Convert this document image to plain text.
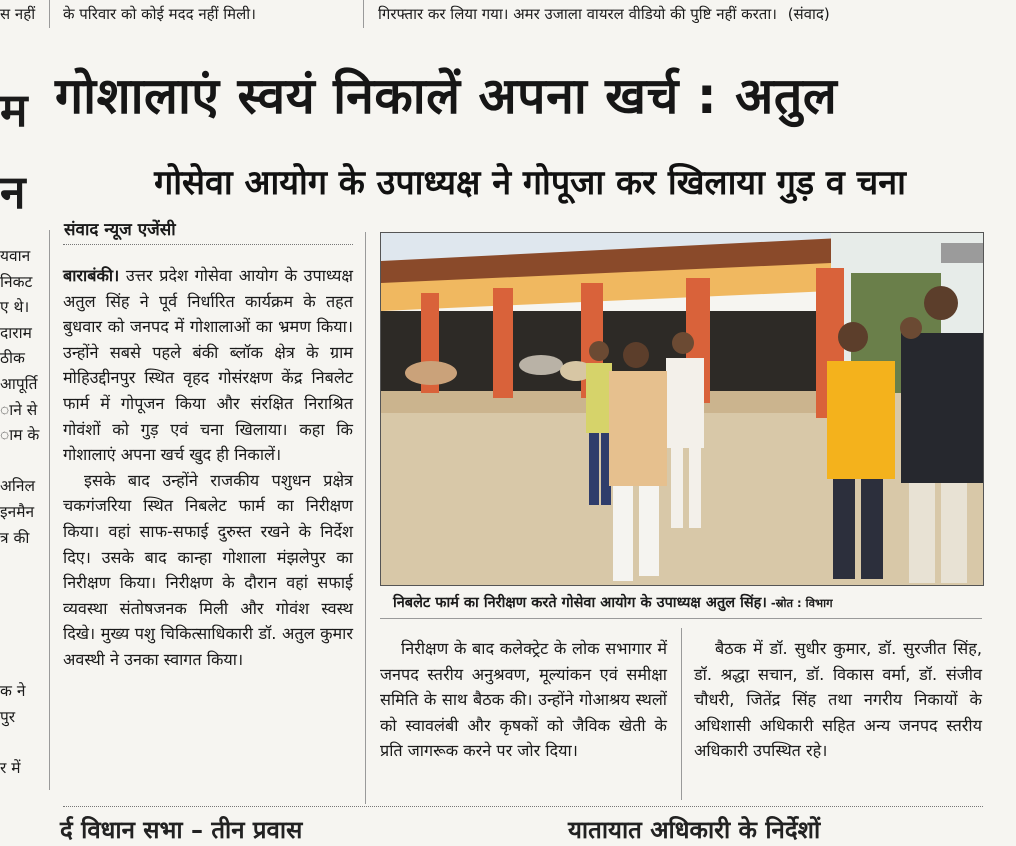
स नहीं	के परिवार को कोई मदद नहीं मिली।	गिरफ्तार कर लिया गया। अमर उजाला वायरल वीडियो की पुष्टि नहीं करता। (संवाद)
म
न
यवान
निकट
ए थे।
दाराम
ठीक
आपूर्ति
ाने से
ाम के
अनिल
इनमैन
त्र की
क ने
पुर
र में
गोशालाएं स्वयं निकालें अपना खर्च : अतुल
गोसेवा आयोग के उपाध्यक्ष ने गोपूजा कर खिलाया गुड़ व चना
संवाद न्यूज एजेंसी

बाराबंकी। उत्तर प्रदेश गोसेवा आयोग के उपाध्यक्ष अतुल सिंह ने पूर्व निर्धारित कार्यक्रम के तहत बुधवार को जनपद में गोशालाओं का भ्रमण किया। उन्होंने सबसे पहले बंकी ब्लॉक क्षेत्र के ग्राम मोहिउद्दीनपुर स्थित वृहद गोसंरक्षण केंद्र निबलेट फार्म में गोपूजन किया और संरक्षित निराश्रित गोवंशों को गुड़ एवं चना खिलाया। कहा कि गोशालाएं अपना खर्च खुद ही निकालें।

इसके बाद उन्होंने राजकीय पशुधन प्रक्षेत्र चकगंजरिया स्थित निबलेट फार्म का निरीक्षण किया। वहां साफ-सफाई दुरुस्त रखने के निर्देश दिए। उसके बाद कान्हा गोशाला मंझलेपुर का निरीक्षण किया। निरीक्षण के दौरान वहां सफाई व्यवस्था संतोषजनक मिली और गोवंश स्वस्थ दिखे। मुख्य पशु चिकित्साधिकारी डॉ. अतुल कुमार अवस्थी ने उनका स्वागत किया।

निबलेट फार्म का निरीक्षण करते गोसेवा आयोग के उपाध्यक्ष अतुल सिंह। -स्रोत : विभाग

निरीक्षण के बाद कलेक्ट्रेट के लोक सभागार में जनपद स्तरीय अनुश्रवण, मूल्यांकन एवं समीक्षा समिति के साथ बैठक की। उन्होंने गोआश्रय स्थलों को स्वावलंबी और कृषकों को जैविक खेती के प्रति जागरूक करने पर जोर दिया।

बैठक में डॉ. सुधीर कुमार, डॉ. सुरजीत सिंह, डॉ. श्रद्धा सचान, डॉ. विकास वर्मा, डॉ. संजीव चौधरी, जितेंद्र सिंह तथा नगरीय निकायों के अधिशासी अधिकारी सहित अन्य जनपद स्तरीय अधिकारी उपस्थित रहे।

र्द विधान सभा – तीन प्रवास	यातायात अधिकारी के निर्देशों
